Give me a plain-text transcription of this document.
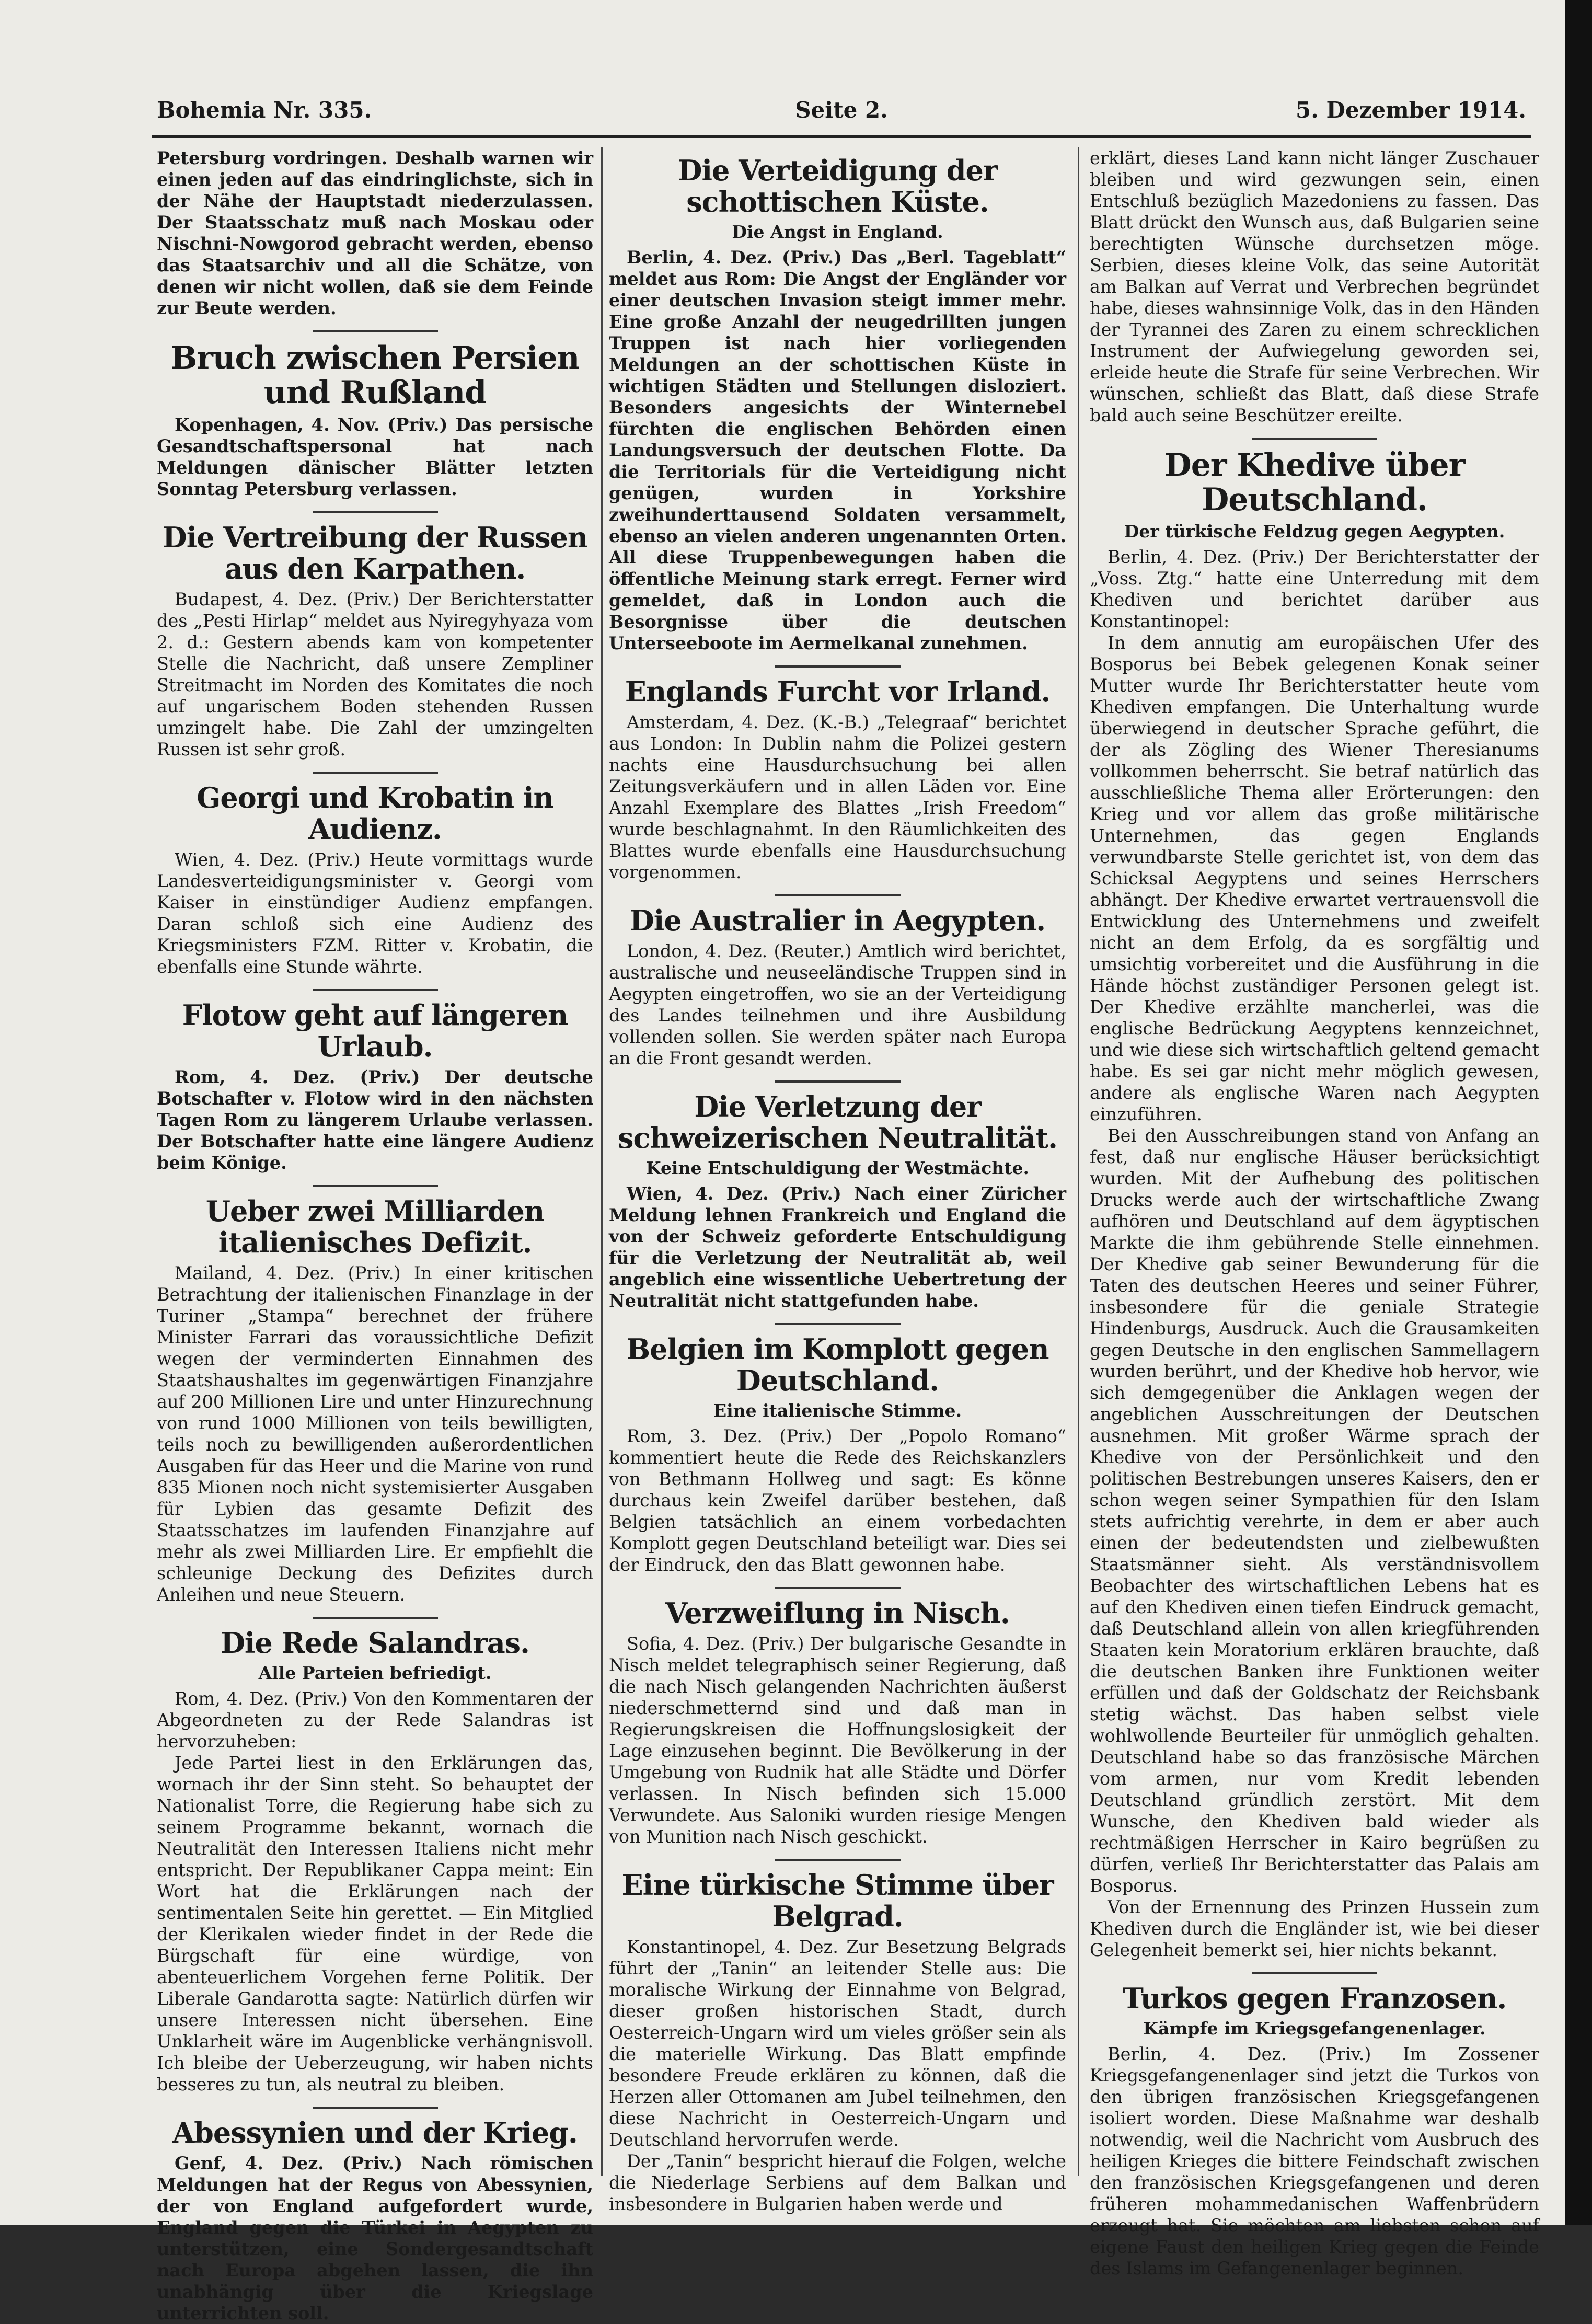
Bohemia Nr. 335.	Seite 2.	5. Dezember 1914.

Petersburg vordringen. Deshalb warnen wir einen jeden auf das eindringlichste, sich in der Nähe der Hauptstadt niederzulassen. Der Staatsschatz muß nach Moskau oder Nischni-Nowgorod gebracht werden, ebenso das Staatsarchiv und all die Schätze, von denen wir nicht wollen, daß sie dem Feinde zur Beute werden.

Bruch zwischen Persien und Rußland

Kopenhagen, 4. Nov. (Priv.) Das persische Gesandtschaftspersonal hat nach Meldungen dänischer Blätter letzten Sonntag Petersburg verlassen.

Die Vertreibung der Russen aus den Karpathen.

Budapest, 4. Dez. (Priv.) Der Berichterstatter des „Pesti Hirlap“ meldet aus Nyiregyhyaza vom 2. d.: Gestern abends kam von kompetenter Stelle die Nachricht, daß unsere Zempliner Streitmacht im Norden des Komitates die noch auf ungarischem Boden stehenden Russen umzingelt habe. Die Zahl der umzingelten Russen ist sehr groß.

Georgi und Krobatin in Audienz.

Wien, 4. Dez. (Priv.) Heute vormittags wurde Landesverteidigungsminister v. Georgi vom Kaiser in einstündiger Audienz empfangen. Daran schloß sich eine Audienz des Kriegsministers FZM. Ritter v. Krobatin, die ebenfalls eine Stunde währte.

Flotow geht auf längeren Urlaub.

Rom, 4. Dez. (Priv.) Der deutsche Botschafter v. Flotow wird in den nächsten Tagen Rom zu längerem Urlaube verlassen. Der Botschafter hatte eine längere Audienz beim Könige.

Ueber zwei Milliarden italienisches Defizit.

Mailand, 4. Dez. (Priv.) In einer kritischen Betrachtung der italienischen Finanzlage in der Turiner „Stampa“ berechnet der frühere Minister Farrari das voraussichtliche Defizit wegen der verminderten Einnahmen des Staatshaushaltes im gegenwärtigen Finanzjahre auf 200 Millionen Lire und unter Hinzurechnung von rund 1000 Millionen von teils bewilligten, teils noch zu bewilligenden außerordentlichen Ausgaben für das Heer und die Marine von rund 835 Mionen noch nicht systemisierter Ausgaben für Lybien das gesamte Defizit des Staatsschatzes im laufenden Finanzjahre auf mehr als zwei Milliarden Lire. Er empfiehlt die schleunige Deckung des Defizites durch Anleihen und neue Steuern.

Die Rede Salandras.
Alle Parteien befriedigt.

Rom, 4. Dez. (Priv.) Von den Kommentaren der Abgeordneten zu der Rede Salandras ist hervorzuheben:

Jede Partei liest in den Erklärungen das, wornach ihr der Sinn steht. So behauptet der Nationalist Torre, die Regierung habe sich zu seinem Programme bekannt, wornach die Neutralität den Interessen Italiens nicht mehr entspricht. Der Republikaner Cappa meint: Ein Wort hat die Erklärungen nach der sentimentalen Seite hin gerettet. — Ein Mitglied der Klerikalen wieder findet in der Rede die Bürgschaft für eine würdige, von abenteuerlichem Vorgehen ferne Politik. Der Liberale Gandarotta sagte: Natürlich dürfen wir unsere Interessen nicht übersehen. Eine Unklarheit wäre im Augenblicke verhängnisvoll. Ich bleibe der Ueberzeugung, wir haben nichts besseres zu tun, als neutral zu bleiben.

Abessynien und der Krieg.

Genf, 4. Dez. (Priv.) Nach römischen Meldungen hat der Regus von Abessynien, der von England aufgefordert wurde, England gegen die Türkei in Aegypten zu unterstützen, eine Sondergesandtschaft nach Europa abgehen lassen, die ihn unabhängig über die Kriegslage unterrichten soll.

Die Verteidigung der schottischen Küste.
Die Angst in England.

Berlin, 4. Dez. (Priv.) Das „Berl. Tageblatt“ meldet aus Rom: Die Angst der Engländer vor einer deutschen Invasion steigt immer mehr. Eine große Anzahl der neugedrillten jungen Truppen ist nach hier vorliegenden Meldungen an der schottischen Küste in wichtigen Städten und Stellungen disloziert. Besonders angesichts der Winternebel fürchten die englischen Behörden einen Landungsversuch der deutschen Flotte. Da die Territorials für die Verteidigung nicht genügen, wurden in Yorkshire zweihunderttausend Soldaten versammelt, ebenso an vielen anderen ungenannten Orten. All diese Truppenbewegungen haben die öffentliche Meinung stark erregt. Ferner wird gemeldet, daß in London auch die Besorgnisse über die deutschen Unterseeboote im Aermelkanal zunehmen.

Englands Furcht vor Irland.

Amsterdam, 4. Dez. (K.-B.) „Telegraaf“ berichtet aus London: In Dublin nahm die Polizei gestern nachts eine Hausdurchsuchung bei allen Zeitungsverkäufern und in allen Läden vor. Eine Anzahl Exemplare des Blattes „Irish Freedom“ wurde beschlagnahmt. In den Räumlichkeiten des Blattes wurde ebenfalls eine Hausdurchsuchung vorgenommen.

Die Australier in Aegypten.

London, 4. Dez. (Reuter.) Amtlich wird berichtet, australische und neuseeländische Truppen sind in Aegypten eingetroffen, wo sie an der Verteidigung des Landes teilnehmen und ihre Ausbildung vollenden sollen. Sie werden später nach Europa an die Front gesandt werden.

Die Verletzung der schweizerischen Neutralität.
Keine Entschuldigung der Westmächte.

Wien, 4. Dez. (Priv.) Nach einer Züricher Meldung lehnen Frankreich und England die von der Schweiz geforderte Entschuldigung für die Verletzung der Neutralität ab, weil angeblich eine wissentliche Uebertretung der Neutralität nicht stattgefunden habe.

Belgien im Komplott gegen Deutschland.
Eine italienische Stimme.

Rom, 3. Dez. (Priv.) Der „Popolo Romano“ kommentiert heute die Rede des Reichskanzlers von Bethmann Hollweg und sagt: Es könne durchaus kein Zweifel darüber bestehen, daß Belgien tatsächlich an einem vorbedachten Komplott gegen Deutschland beteiligt war. Dies sei der Eindruck, den das Blatt gewonnen habe.

Verzweiflung in Nisch.

Sofia, 4. Dez. (Priv.) Der bulgarische Gesandte in Nisch meldet telegraphisch seiner Regierung, daß die nach Nisch gelangenden Nachrichten äußerst niederschmetternd sind und daß man in Regierungskreisen die Hoffnungslosigkeit der Lage einzusehen beginnt. Die Bevölkerung in der Umgebung von Rudnik hat alle Städte und Dörfer verlassen. In Nisch befinden sich 15.000 Verwundete. Aus Saloniki wurden riesige Mengen von Munition nach Nisch geschickt.

Eine türkische Stimme über Belgrad.

Konstantinopel, 4. Dez. Zur Besetzung Belgrads führt der „Tanin“ an leitender Stelle aus: Die moralische Wirkung der Einnahme von Belgrad, dieser großen historischen Stadt, durch Oesterreich-Ungarn wird um vieles größer sein als die materielle Wirkung. Das Blatt empfinde besondere Freude erklären zu können, daß die Herzen aller Ottomanen am Jubel teilnehmen, den diese Nachricht in Oesterreich-Ungarn und Deutschland hervorrufen werde.

Der „Tanin“ bespricht hierauf die Folgen, welche die Niederlage Serbiens auf dem Balkan und insbesondere in Bulgarien haben werde und

erklärt, dieses Land kann nicht länger Zuschauer bleiben und wird gezwungen sein, einen Entschluß bezüglich Mazedoniens zu fassen. Das Blatt drückt den Wunsch aus, daß Bulgarien seine berechtigten Wünsche durchsetzen möge. Serbien, dieses kleine Volk, das seine Autorität am Balkan auf Verrat und Verbrechen begründet habe, dieses wahnsinnige Volk, das in den Händen der Tyrannei des Zaren zu einem schrecklichen Instrument der Aufwiegelung geworden sei, erleide heute die Strafe für seine Verbrechen. Wir wünschen, schließt das Blatt, daß diese Strafe bald auch seine Beschützer ereilte.

Der Khedive über Deutschland.
Der türkische Feldzug gegen Aegypten.

Berlin, 4. Dez. (Priv.) Der Berichterstatter der „Voss. Ztg.“ hatte eine Unterredung mit dem Khediven und berichtet darüber aus Konstantinopel:

In dem annutig am europäischen Ufer des Bosporus bei Bebek gelegenen Konak seiner Mutter wurde Ihr Berichterstatter heute vom Khediven empfangen. Die Unterhaltung wurde überwiegend in deutscher Sprache geführt, die der als Zögling des Wiener Theresianums vollkommen beherrscht. Sie betraf natürlich das ausschließliche Thema aller Erörterungen: den Krieg und vor allem das große militärische Unternehmen, das gegen Englands verwundbarste Stelle gerichtet ist, von dem das Schicksal Aegyptens und seines Herrschers abhängt. Der Khedive erwartet vertrauensvoll die Entwicklung des Unternehmens und zweifelt nicht an dem Erfolg, da es sorgfältig und umsichtig vorbereitet und die Ausführung in die Hände höchst zuständiger Personen gelegt ist. Der Khedive erzählte mancherlei, was die englische Bedrückung Aegyptens kennzeichnet, und wie diese sich wirtschaftlich geltend gemacht habe. Es sei gar nicht mehr möglich gewesen, andere als englische Waren nach Aegypten einzuführen.

Bei den Ausschreibungen stand von Anfang an fest, daß nur englische Häuser berücksichtigt wurden. Mit der Aufhebung des politischen Drucks werde auch der wirtschaftliche Zwang aufhören und Deutschland auf dem ägyptischen Markte die ihm gebührende Stelle einnehmen. Der Khedive gab seiner Bewunderung für die Taten des deutschen Heeres und seiner Führer, insbesondere für die geniale Strategie Hindenburgs, Ausdruck. Auch die Grausamkeiten gegen Deutsche in den englischen Sammellagern wurden berührt, und der Khedive hob hervor, wie sich demgegenüber die Anklagen wegen der angeblichen Ausschreitungen der Deutschen ausnehmen. Mit großer Wärme sprach der Khedive von der Persönlichkeit und den politischen Bestrebungen unseres Kaisers, den er schon wegen seiner Sympathien für den Islam stets aufrichtig verehrte, in dem er aber auch einen der bedeutendsten und zielbewußten Staatsmänner sieht. Als verständnisvollem Beobachter des wirtschaftlichen Lebens hat es auf den Khediven einen tiefen Eindruck gemacht, daß Deutschland allein von allen kriegführenden Staaten kein Moratorium erklären brauchte, daß die deutschen Banken ihre Funktionen weiter erfüllen und daß der Goldschatz der Reichsbank stetig wächst. Das haben selbst viele wohlwollende Beurteiler für unmöglich gehalten. Deutschland habe so das französische Märchen vom armen, nur vom Kredit lebenden Deutschland gründlich zerstört. Mit dem Wunsche, den Khediven bald wieder als rechtmäßigen Herrscher in Kairo begrüßen zu dürfen, verließ Ihr Berichterstatter das Palais am Bosporus.

Von der Ernennung des Prinzen Hussein zum Khediven durch die Engländer ist, wie bei dieser Gelegenheit bemerkt sei, hier nichts bekannt.

Turkos gegen Franzosen.
Kämpfe im Kriegsgefangenenlager.

Berlin, 4. Dez. (Priv.) Im Zossener Kriegsgefangenenlager sind jetzt die Turkos von den übrigen französischen Kriegsgefangenen isoliert worden. Diese Maßnahme war deshalb notwendig, weil die Nachricht vom Ausbruch des heiligen Krieges die bittere Feindschaft zwischen den französischen Kriegsgefangenen und deren früheren mohammedanischen Waffenbrüdern erzeugt hat. Sie möchten am liebsten schon auf eigene Faust den heiligen Krieg gegen die Feinde des Islams im Gefangenenlager beginnen.
